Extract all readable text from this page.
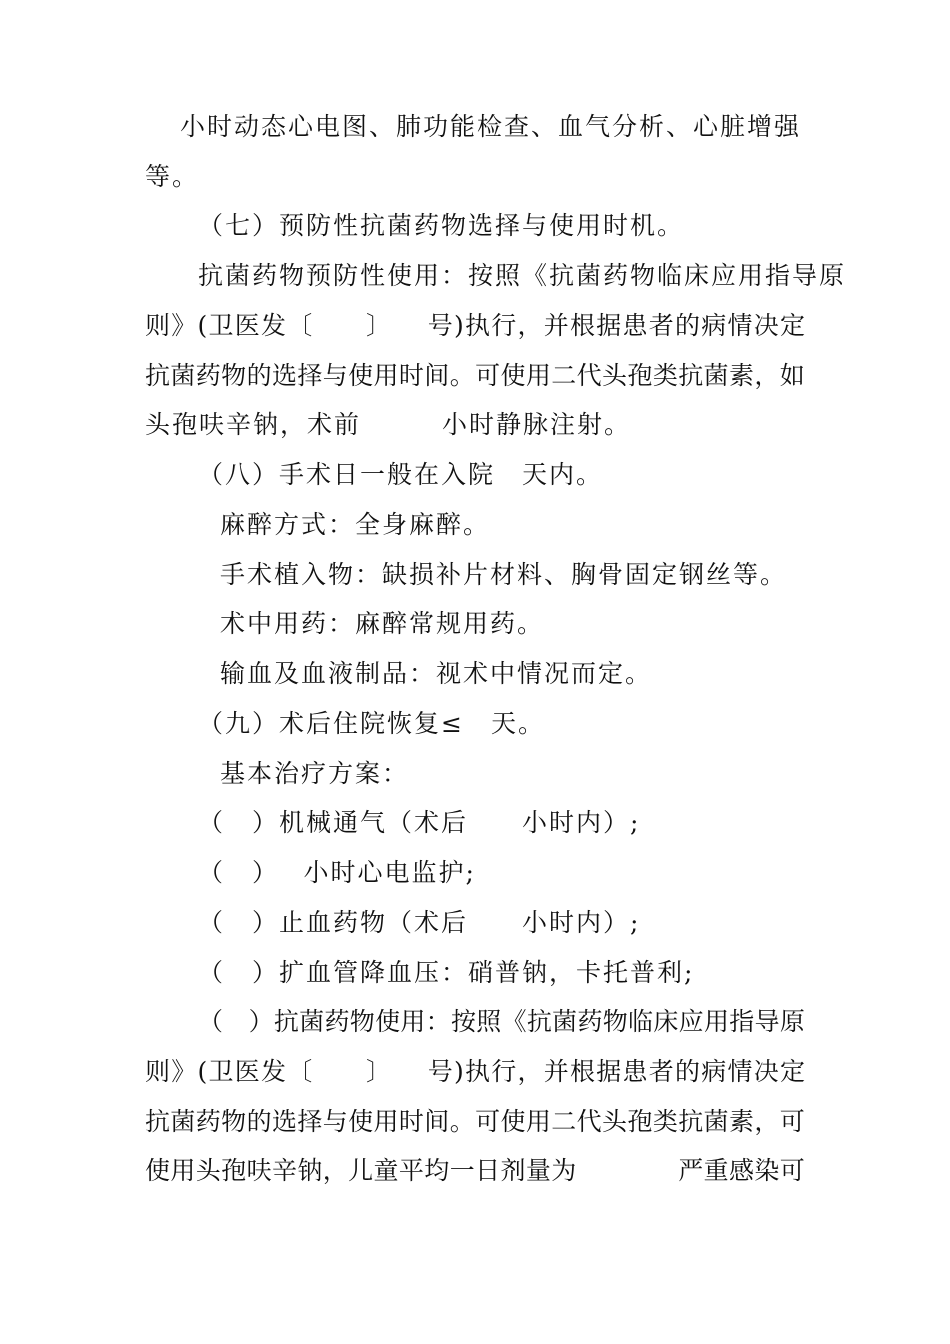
小时动态心电图、肺功能检查、血气分析、心脏增强
等。
（七）预防性抗菌药物选择与使用时机。
抗菌药物预防性使用：按照《抗菌药物临床应用指导原
则 》 ( 卫 医 发 〔

　 〕

号 ) 执 行 ， 并 根 据 患 者 的 病 情 决 定
抗 菌 药 物 的 选 择 与 使 用 时 间 。 可 使 用 二 代 头 孢 类 抗 菌 素 ， 如
头孢呋辛钠，术前　　　小时静脉注射。
（八）手术日一般在入院　天内。
麻醉方式：全身麻醉。
手术植入物：缺损补片材料、胸骨固定钢丝等。
术中用药：麻醉常规用药。
输血及血液制品：视术中情况而定。
（九）术后住院恢复≤　天。
基本治疗方案：
（　）机械通气（术后　　小时内）;
（　）　 小时心电监护;
（　）止血药物（术后　　小时内）;
（　）扩血管降血压：硝普钠，卡托普利;
（
　 ） 抗 菌 药 物 使 用 ： 按 照 《 抗 菌 药 物 临 床 应 用 指 导 原
则 》 ( 卫 医 发 〔

　 〕

号 ) 执 行 ， 并 根 据 患 者 的 病 情 决 定
抗 菌 药 物 的 选 择 与 使 用 时 间 。 可 使 用 二 代 头 孢 类 抗 菌 素 ， 可
使 用 头 孢 呋 辛 钠 ， 儿 童 平 均 一 日 剂 量 为

　	严 重 感 染 可
